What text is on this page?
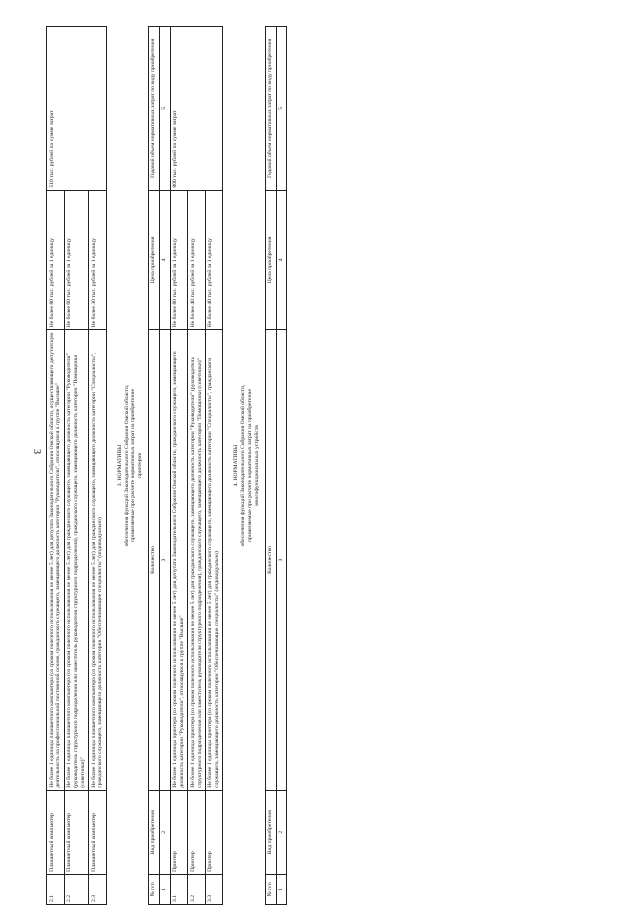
3
2.1	Планшетный компьютер	Не более 1 единицы планшетного компьютера (со сроком полезного использования не менее 5 лет) для депутата Законодательного Собрания Омской области, осуществляющего депутатскую деятельность на профессиональной постоянной основе, гражданского служащего, замещающего должность категории "Руководители", относящуюся к группе "Высшие"	Не более 80 тыс. рублей за 1 единицу	510 тыс. рублей по сумме затрат
2.2	Планшетный компьютер	Не более 1 единицы планшетного компьютера (со сроком полезного использования не менее 5 лет) для гражданского служащего, замещающего должность категории "Руководители" (руководитель структурного подразделения или заместитель руководителя структурного подразделения), гражданского служащего, замещающего должность категории "Помощники (советники)"	Не более 60 тыс. рублей за 1 единицу	
2.3	Планшетный компьютер	Не более 1 единицы планшетного компьютера (со сроком полезного использования не менее 5 лет) для гражданского служащего, замещающего должность категории "Специалисты", гражданского служащего, замещающего должность категории "Обеспечивающие специалисты" (индивидуально)	Не более 30 тыс. рублей за 1 единицу	

3. НОРМАТИВЫ обеспечения функций Законодательного Собрания Омской области, применяемые при расчете нормативных затрат на приобретение принтеров				

№ п/п	Вид приобретения	Количество	Цена приобретения	Годовой объем нормативных затрат по виду приобретения
1	2	3	4	5
3.1	Принтер	Не более 1 единицы принтера (со сроком полезного использования не менее 5 лет) для депутата Законодательного Собрания Омской области, гражданского служащего, замещающего должность категории "Руководители", относящуюся к группе "Высшие"	Не более 80 тыс. рублей за 1 единицу	800 тыс. рублей по сумме затрат
3.2	Принтер	Не более 1 единицы принтера (со сроком полезного использования не менее 5 лет) для гражданского служащего, замещающего должность категории "Руководители" (руководитель структурного подразделения или заместитель руководителя структурного подразделения), гражданского служащего, замещающего должность категории "Помощники (советники)"	Не более 40 тыс. рублей за 1 единицу	
3.3	Принтер	Не более 1 единицы принтера (со сроком полезного использования не менее 5 лет) для гражданского служащего, замещающего должность категории "Специалисты", гражданского служащего, замещающего должность категории "Обеспечивающие специалисты" (индивидуально)	Не более 40 тыс. рублей за 1 единицу	

4. НОРМАТИВЫ обеспечения функций Законодательного Собрания Омской области, применяемые при расчете нормативных затрат на приобретение многофункциональных устройств				

№ п/п	Вид приобретения	Количество	Цена приобретения	Годовой объем нормативных затрат по виду приобретения
1	2	3	4	5
